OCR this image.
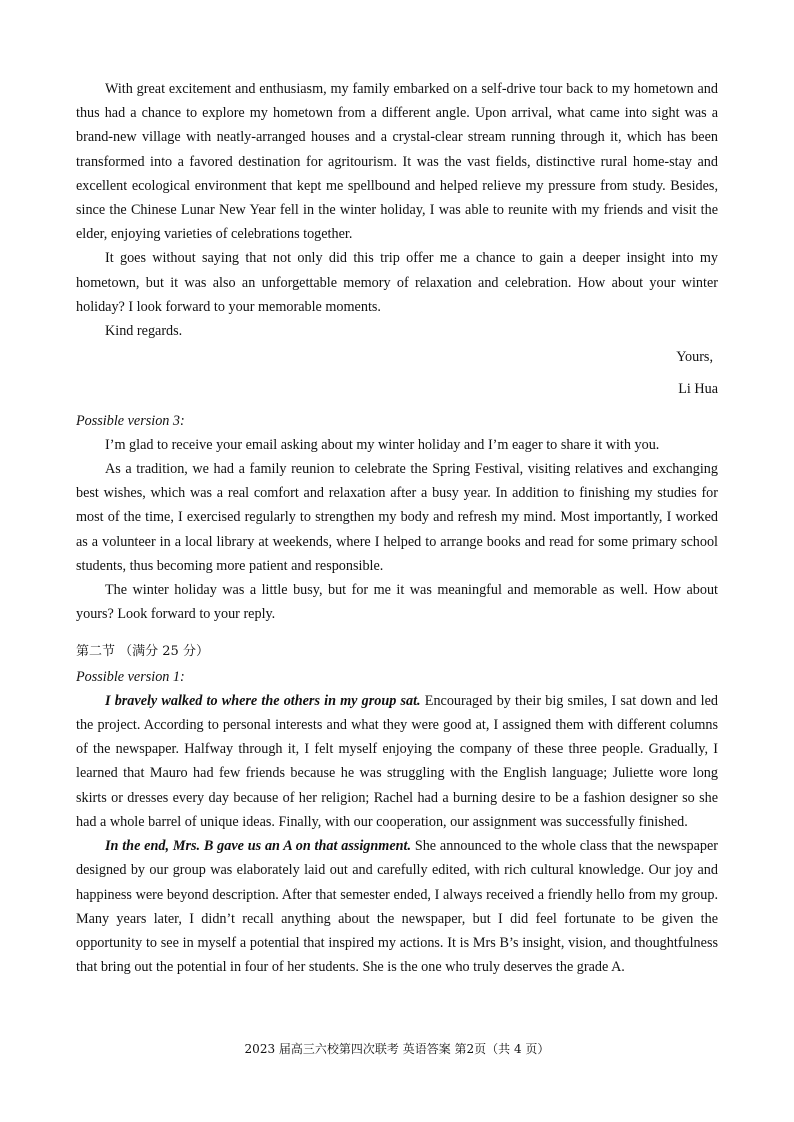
With great excitement and enthusiasm, my family embarked on a self-drive tour back to my hometown and thus had a chance to explore my hometown from a different angle. Upon arrival, what came into sight was a brand-new village with neatly-arranged houses and a crystal-clear stream running through it, which has been transformed into a favored destination for agritourism. It was the vast fields, distinctive rural home-stay and excellent ecological environment that kept me spellbound and helped relieve my pressure from study. Besides, since the Chinese Lunar New Year fell in the winter holiday, I was able to reunite with my friends and visit the elder, enjoying varieties of celebrations together.

It goes without saying that not only did this trip offer me a chance to gain a deeper insight into my hometown, but it was also an unforgettable memory of relaxation and celebration. How about your winter holiday? I look forward to your memorable moments.

Kind regards.

Yours,

Li Hua

Possible version 3:

I’m glad to receive your email asking about my winter holiday and I’m eager to share it with you.

As a tradition, we had a family reunion to celebrate the Spring Festival, visiting relatives and exchanging best wishes, which was a real comfort and relaxation after a busy year. In addition to finishing my studies for most of the time, I exercised regularly to strengthen my body and refresh my mind. Most importantly, I worked as a volunteer in a local library at weekends, where I helped to arrange books and read for some primary school students, thus becoming more patient and responsible.

The winter holiday was a little busy, but for me it was meaningful and memorable as well. How about yours? Look forward to your reply.

第二节 （满分 25 分）

Possible version 1:

I bravely walked to where the others in my group sat. Encouraged by their big smiles, I sat down and led the project. According to personal interests and what they were good at, I assigned them with different columns of the newspaper. Halfway through it, I felt myself enjoying the company of these three people. Gradually, I learned that Mauro had few friends because he was struggling with the English language; Juliette wore long skirts or dresses every day because of her religion; Rachel had a burning desire to be a fashion designer so she had a whole barrel of unique ideas. Finally, with our cooperation, our assignment was successfully finished.

In the end, Mrs. B gave us an A on that assignment. She announced to the whole class that the newspaper designed by our group was elaborately laid out and carefully edited, with rich cultural knowledge. Our joy and happiness were beyond description. After that semester ended, I always received a friendly hello from my group. Many years later, I didn’t recall anything about the newspaper, but I did feel fortunate to be given the opportunity to see in myself a potential that inspired my actions. It is Mrs B’s insight, vision, and thoughtfulness that bring out the potential in four of her students. She is the one who truly deserves the grade A.

2023 届高三六校第四次联考 英语答案 第2页（共 4 页）
